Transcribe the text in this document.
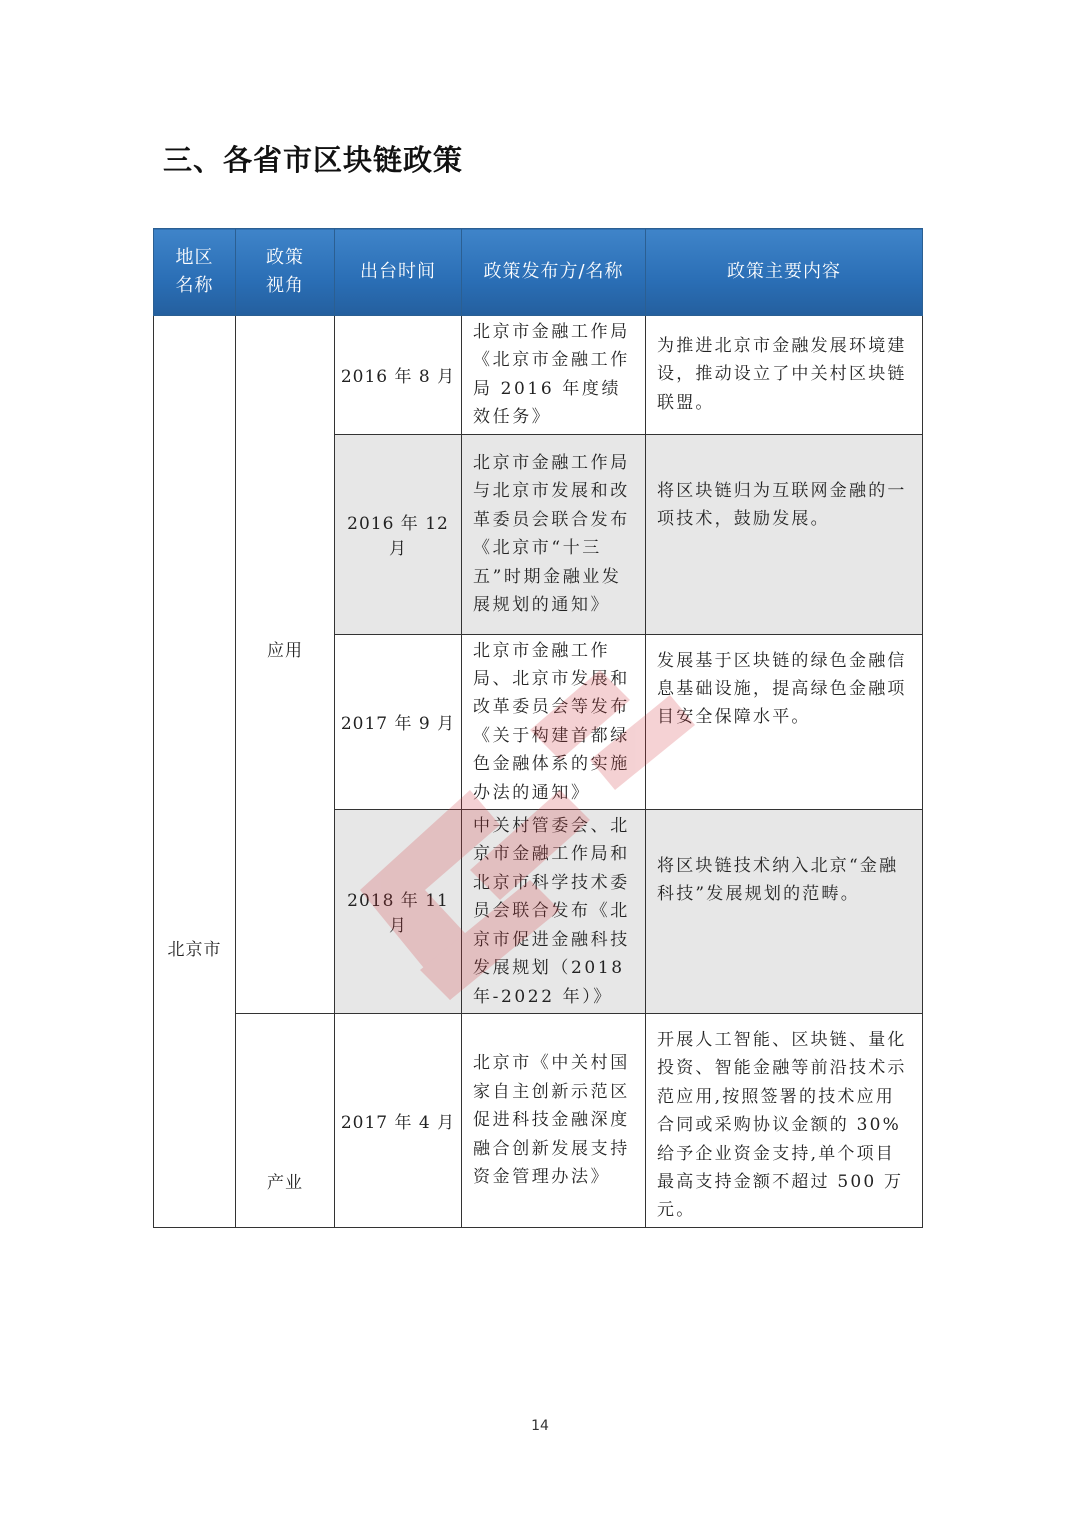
三、各省市区块链政策
地区名称	政策视角	出台时间	政策发布方/名称	政策主要内容

北京市	应用	2016 年 8 月	北京市金融工作局《北京市金融工作局 2016 年度绩效任务》	为推进北京市金融发展环境建设，推动设立了中关村区块链联盟。

		2016 年 12 月	北京市金融工作局与北京市发展和改革委员会联合发布《北京市“十三五”时期金融业发展规划的通知》	将区块链归为互联网金融的一项技术，鼓励发展。

		2017 年 9 月	北京市金融工作局、北京市发展和改革委员会等发布《关于构建首都绿色金融体系的实施办法的通知》	发展基于区块链的绿色金融信息基础设施，提高绿色金融项目安全保障水平。

		2018 年 11 月	中关村管委会、北京市金融工作局和北京市科学技术委员会联合发布《北京市促进金融科技发展规划（2018 年-2022 年）》	将区块链技术纳入北京“金融科技”发展规划的范畴。

	产业	2017 年 4 月	北京市《中关村国家自主创新示范区促进科技金融深度融合创新发展支持资金管理办法》	开展人工智能、区块链、量化投资、智能金融等前沿技术示范应用,按照签署的技术应用合同或采购协议金额的 30%给予企业资金支持,单个项目最高支持金额不超过 500 万元。
14
